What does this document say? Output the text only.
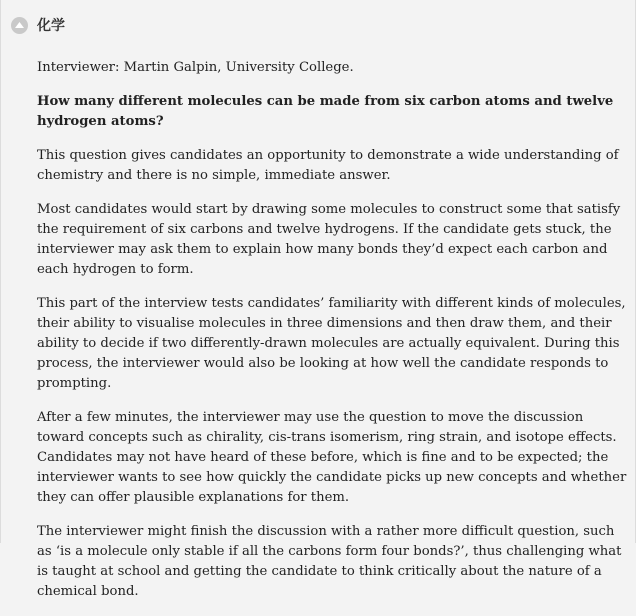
化学

Interviewer: Martin Galpin, University College.

How many different molecules can be made from six carbon atoms and twelve hydrogen atoms?

This question gives candidates an opportunity to demonstrate a wide understanding of chemistry and there is no simple, immediate answer.

Most candidates would start by drawing some molecules to construct some that satisfy the requirement of six carbons and twelve hydrogens. If the candidate gets stuck, the interviewer may ask them to explain how many bonds they’d expect each carbon and each hydrogen to form.

This part of the interview tests candidates’ familiarity with different kinds of molecules, their ability to visualise molecules in three dimensions and then draw them, and their ability to decide if two differently-drawn molecules are actually equivalent. During this process, the interviewer would also be looking at how well the candidate responds to prompting.

After a few minutes, the interviewer may use the question to move the discussion toward concepts such as chirality, cis-trans isomerism, ring strain, and isotope effects. Candidates may not have heard of these before, which is fine and to be expected; the interviewer wants to see how quickly the candidate picks up new concepts and whether they can offer plausible explanations for them.

The interviewer might finish the discussion with a rather more difficult question, such as ‘is a molecule only stable if all the carbons form four bonds?’, thus challenging what is taught at school and getting the candidate to think critically about the nature of a chemical bond.
